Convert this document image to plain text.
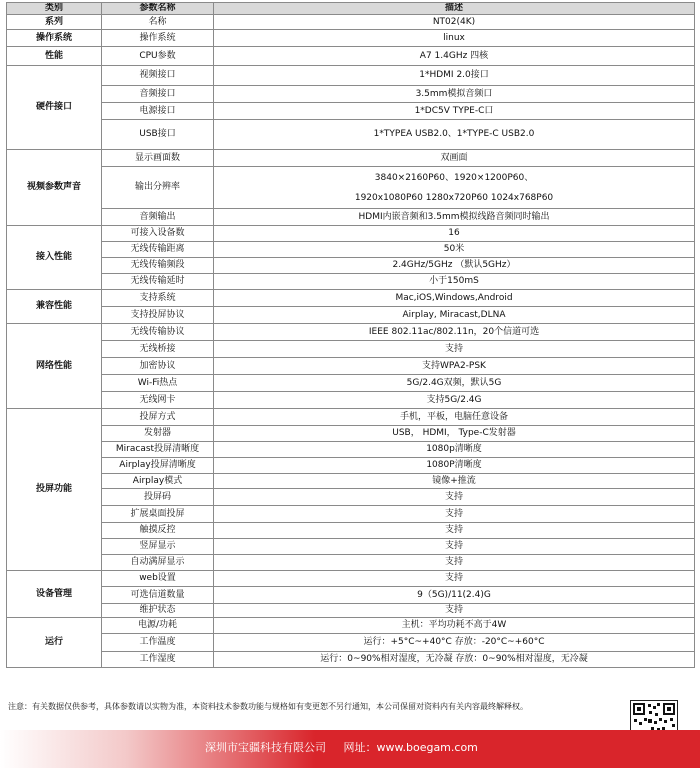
类别	参数名称	描述
系列	名称	NT02(4K)
操作系统	操作系统	linux
性能	CPU参数	A7 1.4GHz 四核
硬件接口	视频接口	1*HDMI 2.0接口
	音频接口	3.5mm模拟音频口
	电源接口	1*DC5V TYPE-C口
	USB接口	1*TYPEA USB2.0、1*TYPE-C USB2.0
视频参数声音	显示画面数	双画面
	输出分辨率	3840×2160P60、1920×1200P60、
1920x1080P60 1280x720P60 1024x768P60

	音频输出	HDMI内嵌音频和3.5mm模拟线路音频同时输出
接入性能	可接入设备数	16
	无线传输距离	50米
	无线传输频段	2.4GHz/5GHz （默认5GHz）
	无线传输延时	小于150mS
兼容性能	支持系统	Mac,iOS,Windows,Android
	支持投屏协议	Airplay, Miracast,DLNA
网络性能	无线传输协议	IEEE 802.11ac/802.11n，20个信道可选
	无线桥接	支持
	加密协议	支持WPA2-PSK
	Wi-Fi热点	5G/2.4G双频，默认5G
	无线网卡	支持5G/2.4G
投屏功能	投屏方式	手机，平板，电脑任意设备
	发射器	USB， HDMI， Type-C发射器
	Miracast投屏清晰度	1080p清晰度
	Airplay投屏清晰度	1080P清晰度
	Airplay模式	镜像+推流
	投屏码	支持
	扩展桌面投屏	支持
	触摸反控	支持
	竖屏显示	支持
	自动满屏显示	支持
设备管理	web设置	支持
	可选信道数量	9（5G)/11(2.4)G
	维护状态	支持
运行	电源/功耗	主机：平均功耗不高于4W
	工作温度	运行：+5°C~+40°C 存放：-20°C~+60°C
	工作湿度	运行：0~90%相对湿度，无冷凝 存放：0~90%相对湿度，无冷凝
注意：有关数据仅供参考，具体参数请以实物为准，本资料技术参数功能与规格如有变更恕不另行通知，本公司保留对资料内有关内容最终解释权。
深圳市宝疆科技有限公司 网址：www.boegam.com
